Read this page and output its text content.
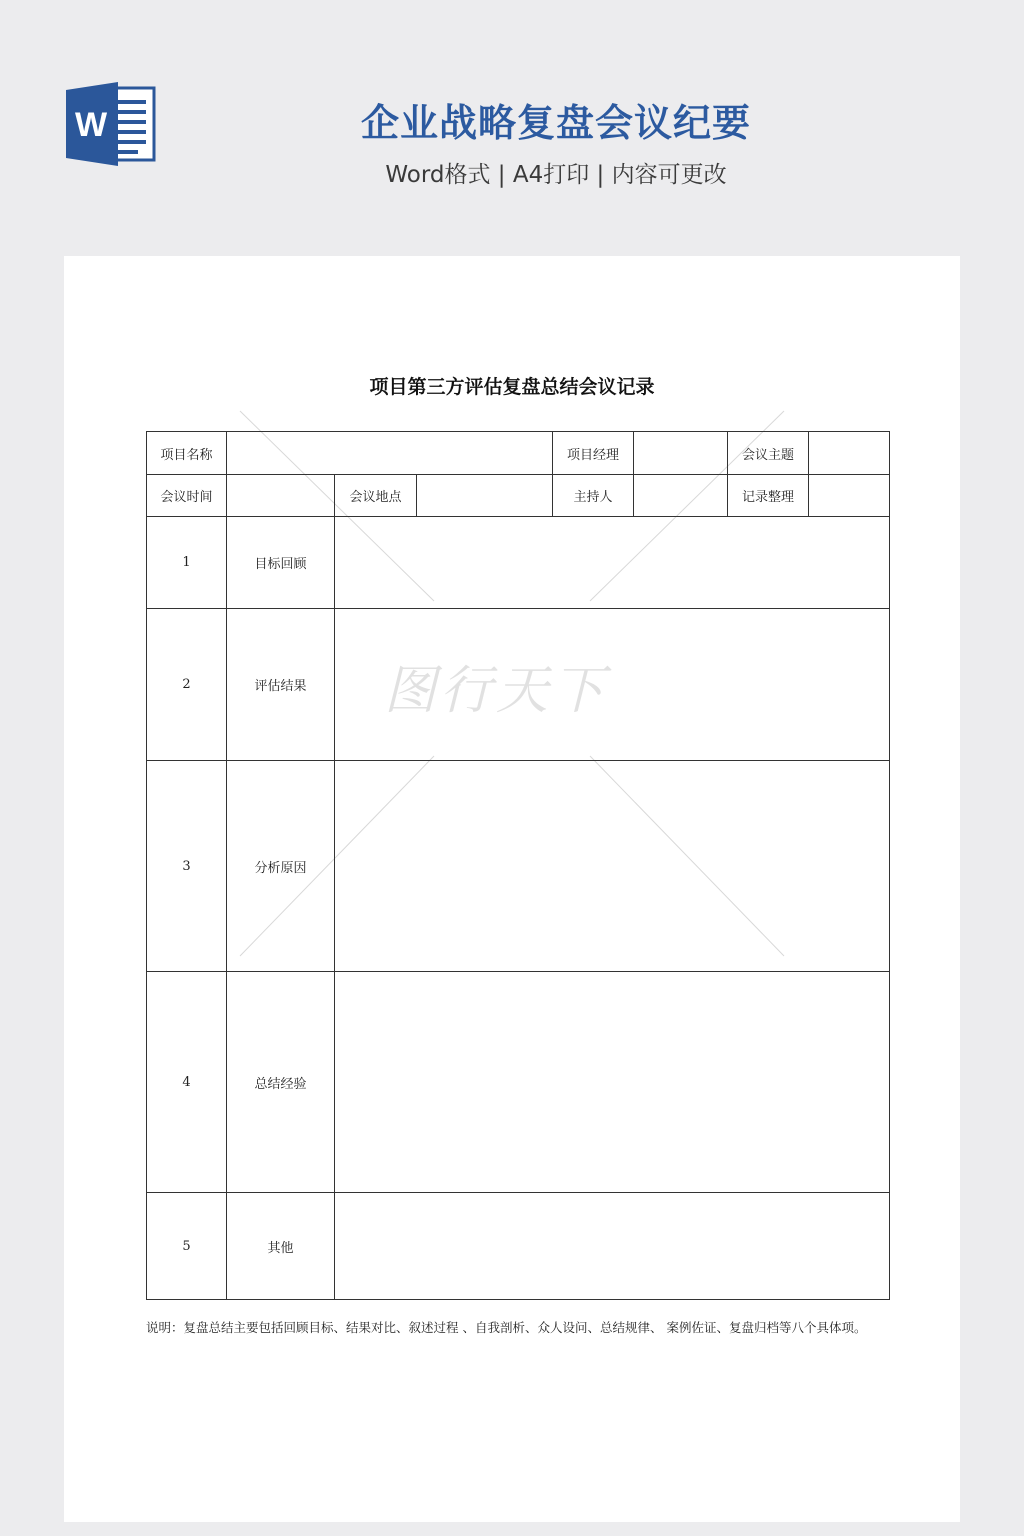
W	企业战略复盘会议纪要
Word格式 | A4打印 | 内容可更改
项目第三方评估复盘总结会议记录
项目名称				项目经理		会议主题	
会议时间		会议地点		主持人		记录整理	
1	目标回顾						
2	评估结果						
3	分析原因						
4	总结经验						
5	其他						
图行天下
说明：复盘总结主要包括回顾目标、结果对比、叙述过程 、自我剖析、众人设问、总结规律、 案例佐证、复盘归档等八个具体项。
